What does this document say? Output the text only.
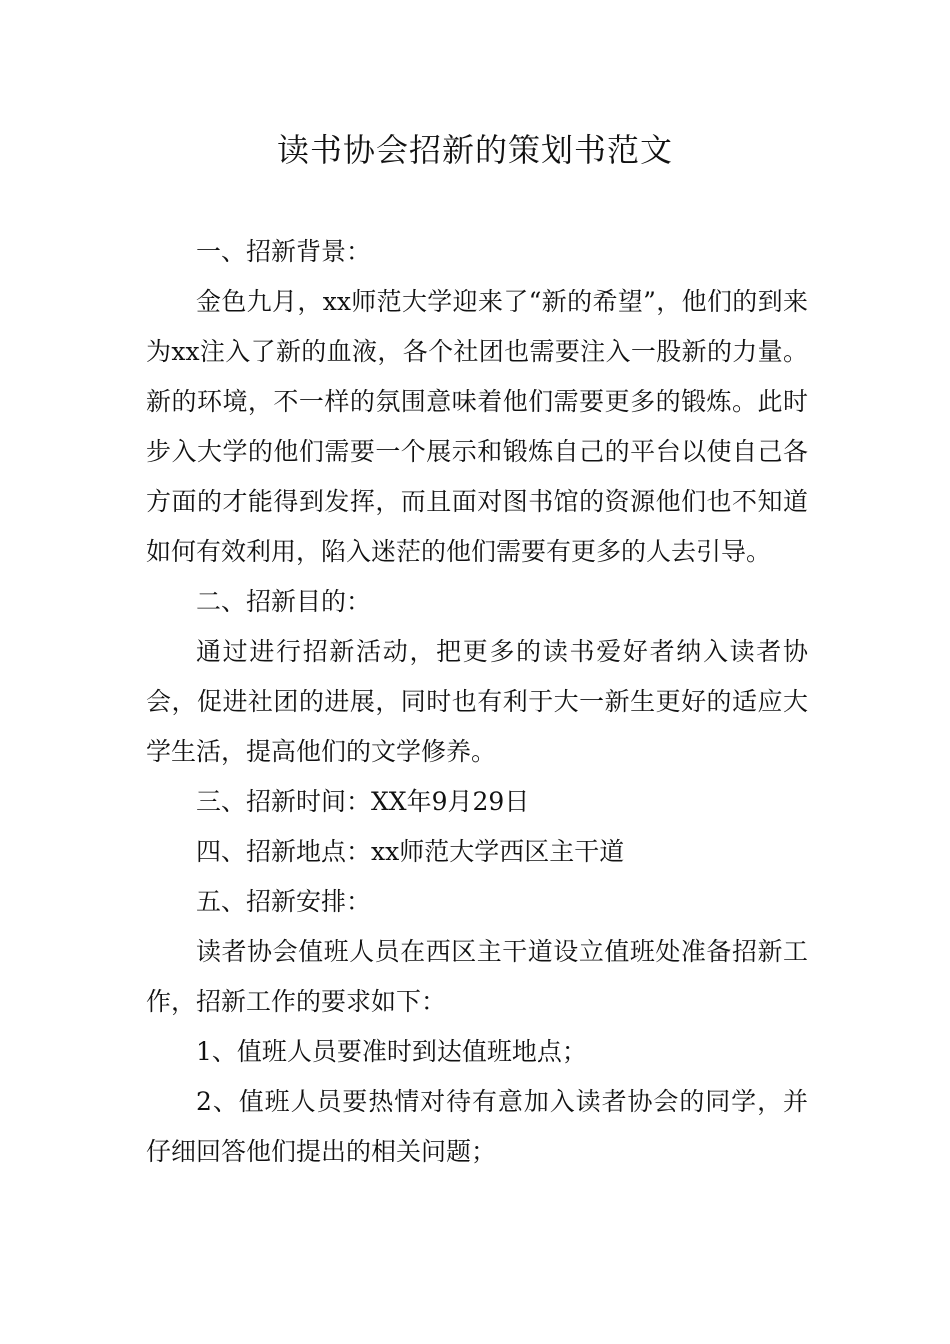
读书协会招新的策划书范文

一、招新背景：

金色九月，xx师范大学迎来了“新的希望”，他们的到来为xx注入了新的血液，各个社团也需要注入一股新的力量。新的环境，不一样的氛围意味着他们需要更多的锻炼。此时步入大学的他们需要一个展示和锻炼自己的平台以使自己各方面的才能得到发挥，而且面对图书馆的资源他们也不知道如何有效利用，陷入迷茫的他们需要有更多的人去引导。

二、招新目的：

通过进行招新活动，把更多的读书爱好者纳入读者协会，促进社团的进展，同时也有利于大一新生更好的适应大学生活，提高他们的文学修养。

三、招新时间：XX年9月29日

四、招新地点：xx师范大学西区主干道

五、招新安排：

读者协会值班人员在西区主干道设立值班处准备招新工作，招新工作的要求如下：

1、值班人员要准时到达值班地点；

2、值班人员要热情对待有意加入读者协会的同学，并仔细回答他们提出的相关问题；
